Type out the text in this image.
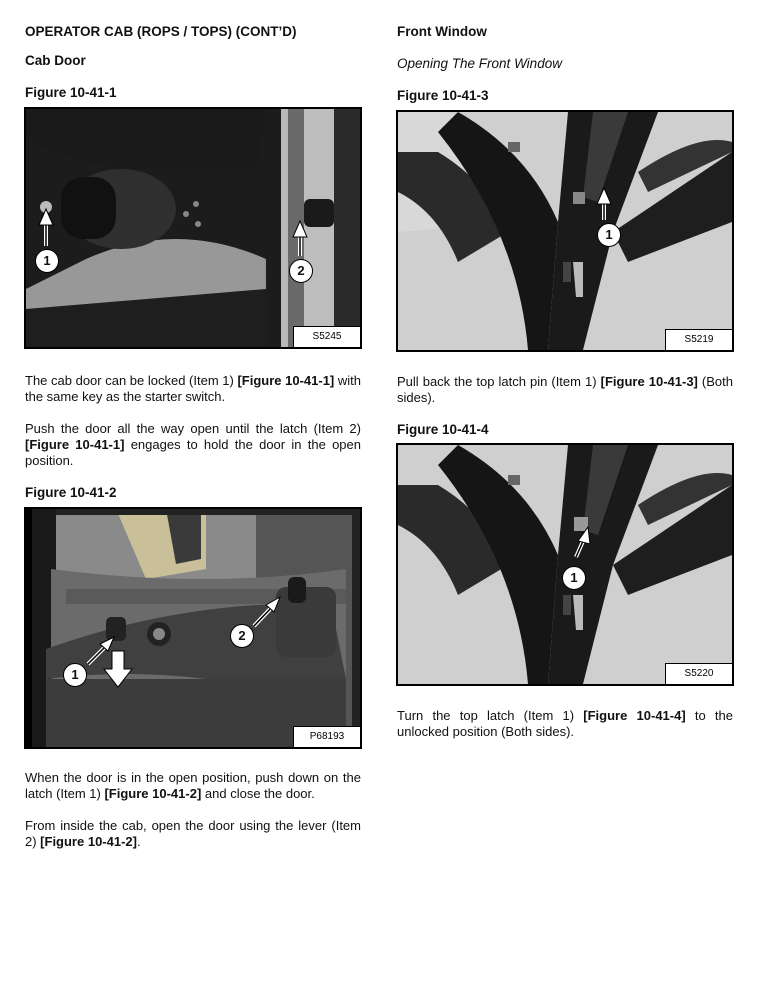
OPERATOR CAB (ROPS / TOPS) (CONT’D)
Cab Door
Figure 10-41-1
1
2
S5245
The cab door can be locked (Item 1) [Figure 10-41-1] with the same key as the starter switch.
Push the door all the way open until the latch (Item 2) [Figure 10-41-1] engages to hold the door in the open position.
Figure 10-41-2
1
2
P68193
When the door is in the open position, push down on the latch (Item 1) [Figure 10-41-2] and close the door.
From inside the cab, open the door using the lever (Item 2) [Figure 10-41-2].
Front Window
Opening The Front Window
Figure 10-41-3
1
S5219
Pull back the top latch pin (Item 1) [Figure 10-41-3] (Both sides).
Figure 10-41-4
1
S5220
Turn the top latch (Item 1) [Figure 10-41-4] to the unlocked position (Both sides).
